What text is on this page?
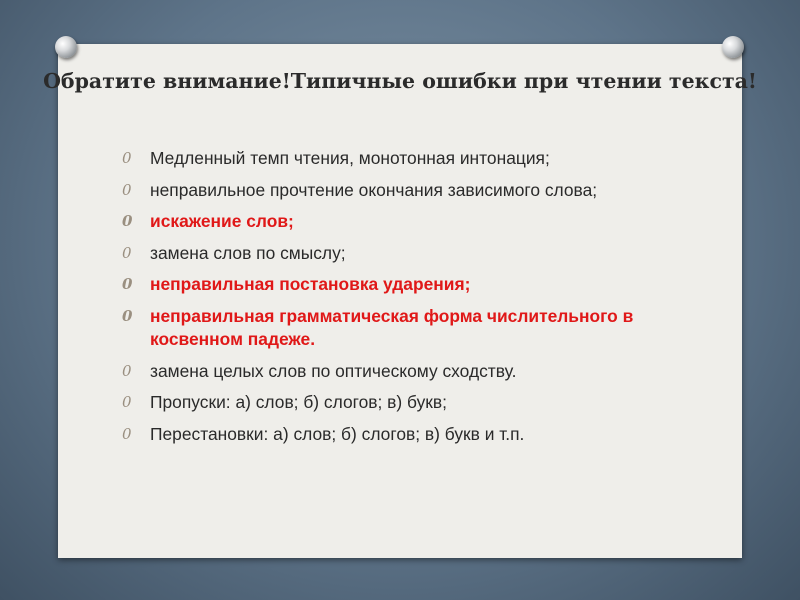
Обратите внимание!Типичные ошибки при чтении текста!
0 Медленный темп чтения, монотонная интонация;
0 неправильное прочтение окончания зависимого слова;
0 искажение слов;
0 замена слов по смыслу;
0 неправильная постановка ударения;
0 неправильная грамматическая форма числительного в косвенном падеже.
0 замена целых слов по оптическому сходству.
0 Пропуски: а) слов; б) слогов; в) букв;
0 Перестановки: а) слов; б) слогов; в) букв и т.п.
